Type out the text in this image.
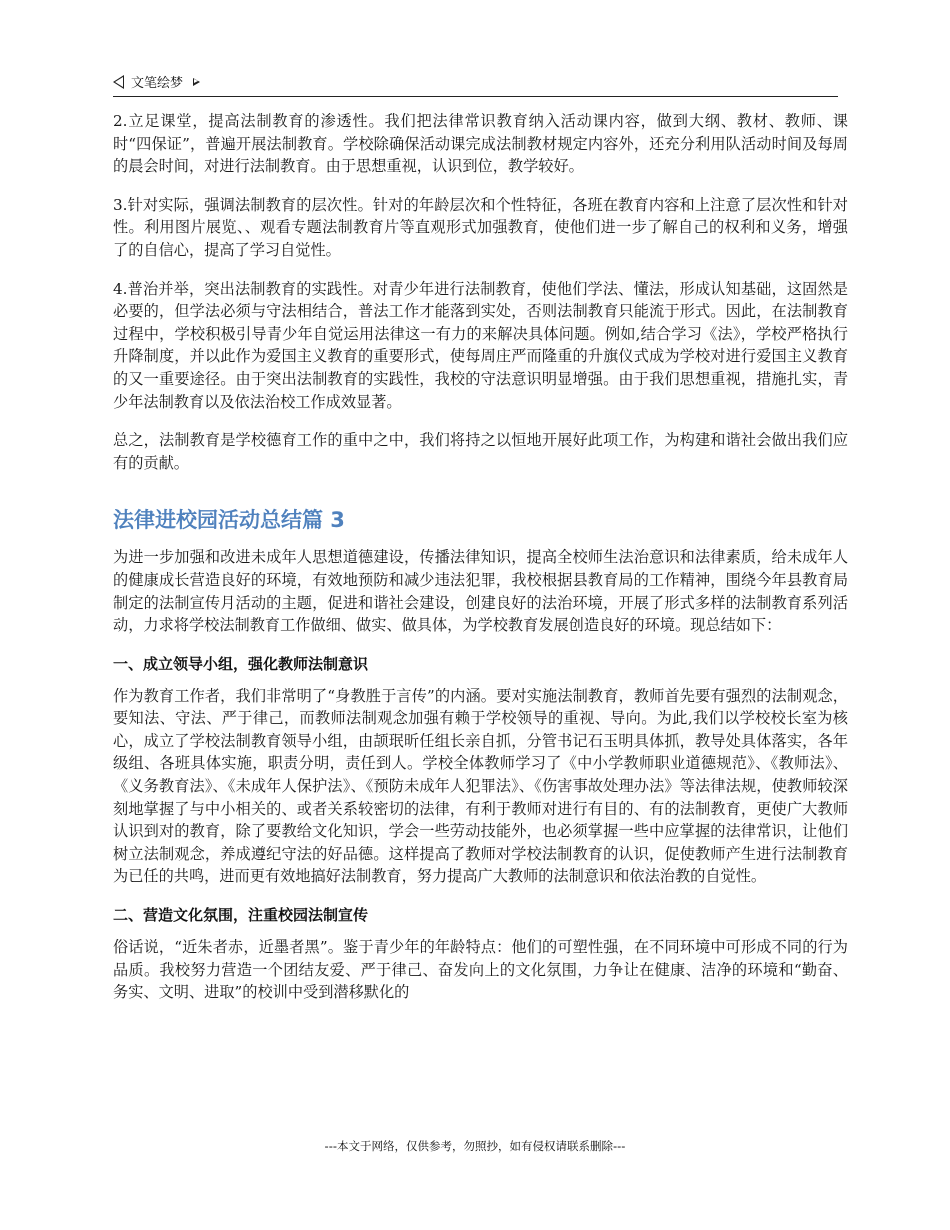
文笔绘梦

2.立足课堂，提高法制教育的渗透性。我们把法律常识教育纳入活动课内容，做到大纲、教材、教师、课时“四保证”，普遍开展法制教育。学校除确保活动课完成法制教材规定内容外，还充分利用队活动时间及每周的晨会时间，对进行法制教育。由于思想重视，认识到位，教学较好。

3.针对实际，强调法制教育的层次性。针对的年龄层次和个性特征，各班在教育内容和上注意了层次性和针对性。利用图片展览、、观看专题法制教育片等直观形式加强教育，使他们进一步了解自己的权利和义务，增强了的自信心，提高了学习自觉性。

4.普治并举，突出法制教育的实践性。对青少年进行法制教育，使他们学法、懂法，形成认知基础，这固然是必要的，但学法必须与守法相结合，普法工作才能落到实处，否则法制教育只能流于形式。因此，在法制教育过程中，学校积极引导青少年自觉运用法律这一有力的来解决具体问题。例如,结合学习《法》，学校严格执行升降制度，并以此作为爱国主义教育的重要形式，使每周庄严而隆重的升旗仪式成为学校对进行爱国主义教育的又一重要途径。由于突出法制教育的实践性，我校的守法意识明显增强。由于我们思想重视，措施扎实，青少年法制教育以及依法治校工作成效显著。

总之，法制教育是学校德育工作的重中之中，我们将持之以恒地开展好此项工作，为构建和谐社会做出我们应有的贡献。

法律进校园活动总结篇 3

为进一步加强和改进未成年人思想道德建设，传播法律知识，提高全校师生法治意识和法律素质，给未成年人的健康成长营造良好的环境，有效地预防和减少违法犯罪，我校根据县教育局的工作精神，围绕今年县教育局制定的法制宣传月活动的主题，促进和谐社会建设，创建良好的法治环境，开展了形式多样的法制教育系列活动，力求将学校法制教育工作做细、做实、做具体，为学校教育发展创造良好的环境。现总结如下：

一、成立领导小组，强化教师法制意识

作为教育工作者，我们非常明了“身教胜于言传”的内涵。要对实施法制教育，教师首先要有强烈的法制观念，要知法、守法、严于律己，而教师法制观念加强有赖于学校领导的重视、导向。为此,我们以学校校长室为核心，成立了学校法制教育领导小组，由颉珉昕任组长亲自抓，分管书记石玉明具体抓，教导处具体落实，各年级组、各班具体实施，职责分明，责任到人。学校全体教师学习了《中小学教师职业道德规范》、《教师法》、《义务教育法》、《未成年人保护法》、《预防未成年人犯罪法》、《伤害事故处理办法》等法律法规，使教师较深刻地掌握了与中小相关的、或者关系较密切的法律，有利于教师对进行有目的、有的法制教育，更使广大教师认识到对的教育，除了要教给文化知识，学会一些劳动技能外，也必须掌握一些中应掌握的法律常识，让他们树立法制观念，养成遵纪守法的好品德。这样提高了教师对学校法制教育的认识，促使教师产生进行法制教育为已任的共鸣，进而更有效地搞好法制教育，努力提高广大教师的法制意识和依法治教的自觉性。

二、营造文化氛围，注重校园法制宣传

俗话说，“近朱者赤，近墨者黑”。鉴于青少年的年龄特点：他们的可塑性强，在不同环境中可形成不同的行为品质。我校努力营造一个团结友爱、严于律己、奋发向上的文化氛围，力争让在健康、洁净的环境和“勤奋、务实、文明、进取”的校训中受到潜移默化的

---本文于网络，仅供参考，勿照抄，如有侵权请联系删除---
